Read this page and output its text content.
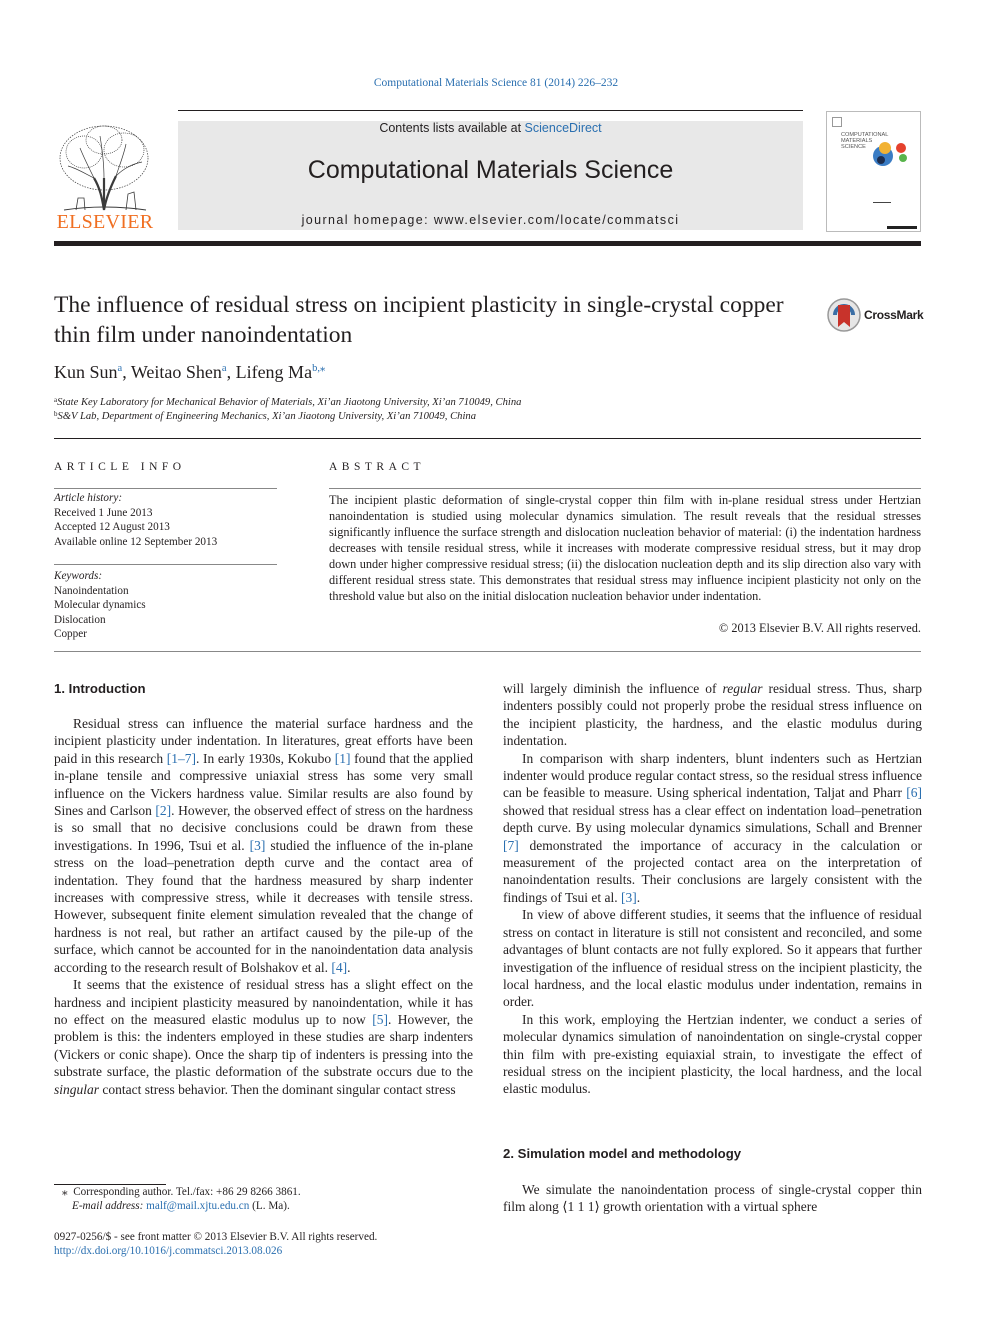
Computational Materials Science 81 (2014) 226–232
ELSEVIER
Contents lists available at ScienceDirect
Computational Materials Science
journal homepage: www.elsevier.com/locate/commatsci
COMPUTATIONAL MATERIALS SCIENCE
The influence of residual stress on incipient plasticity in single-crystal copper thin film under nanoindentation
CrossMark
Kun Sun$^a$, Weitao Shen$^a$, Lifeng $Ma^{b,⁎}$
$^a$State Key Laboratory for Mechanical Behavior of Materials, Xi’an Jiaotong University, Xi’an 710049, China
$^b$S&V Lab, Department of Engineering Mechanics, Xi’an Jiaotong University, Xi’an 710049, China
ARTICLE INFO	ABSTRACT
Article history:
Received 1 June 2013
Accepted 12 August 2013
Available online 12 September 2013
Keywords:
Nanoindentation
Molecular dynamics
Dislocation
Copper
The incipient plastic deformation of single-crystal copper thin film with in-plane residual stress under Hertzian nanoindentation is studied using molecular dynamics simulation. The result reveals that the residual stresses significantly influence the surface strength and dislocation nucleation behavior of material: (i) the indentation hardness decreases with tensile residual stress, while it increases with moderate compressive residual stress, but it may drop down under higher compressive residual stress; (ii) the dislocation nucleation depth and its slip direction also vary with different residual stress state. This demonstrates that residual stress may influence incipient plasticity not only on the threshold value but also on the initial dislocation nucleation behavior under indentation.
© 2013 Elsevier B.V. All rights reserved.
1. Introduction

Residual stress can influence the material surface hardness and the incipient plasticity under indentation. In literatures, great efforts have been paid in this research [1–7]. In early 1930s, Kokubo [1] found that the applied in-plane tensile and compressive uniaxial stress has some very small influence on the Vickers hardness value. Similar results are also found by Sines and Carlson [2]. However, the observed effect of stress on the hardness is so small that no decisive conclusions could be drawn from these investigations. In 1996, Tsui et al. [3] studied the influence of the in-plane stress on the load–penetration depth curve and the contact area of indentation. They found that the hardness measured by sharp indenter increases with compressive stress, while it decreases with tensile stress. However, subsequent finite element simulation revealed that the change of hardness is not real, but rather an artifact caused by the pile-up of the surface, which cannot be accounted for in the nanoindentation data analysis according to the research result of Bolshakov et al. [4].

It seems that the existence of residual stress has a slight effect on the hardness and incipient plasticity measured by nanoindentation, while it has no effect on the measured elastic modulus up to now [5]. However, the problem is this: the indenters employed in these studies are sharp indenters (Vickers or conic shape). Once the sharp tip of indenters is pressing into the substrate surface, the plastic deformation of the substrate occurs due to the singular contact stress behavior. Then the dominant singular contact stress

will largely diminish the influence of regular residual stress. Thus, sharp indenters possibly could not properly probe the residual stress influence on the incipient plasticity, the hardness, and the elastic modulus during indentation.

In comparison with sharp indenters, blunt indenters such as Hertzian indenter would produce regular contact stress, so the residual stress influence can be feasible to measure. Using spherical indentation, Taljat and Pharr [6] showed that residual stress has a clear effect on indentation load–penetration depth curve. By using molecular dynamics simulations, Schall and Brenner [7] demonstrated the importance of accuracy in the calculation or measurement of the projected contact area on the interpretation of nanoindentation results. Their conclusions are largely consistent with the findings of Tsui et al. [3].

In view of above different studies, it seems that the influence of residual stress on contact in literature is still not consistent and reconciled, and some advantages of blunt contacts are not fully explored. So it appears that further investigation of the influence of residual stress on the incipient plasticity, the local hardness, and the local elastic modulus under indentation, remains in order.

In this work, employing the Hertzian indenter, we conduct a series of molecular dynamics simulation of nanoindentation on single-crystal copper thin film with pre-existing equiaxial strain, to investigate the effect of residual stress on the incipient plasticity, the local hardness, and the local elastic modulus.

2. Simulation model and methodology

We simulate the nanoindentation process of single-crystal copper thin film along ⟨1 1 1⟩ growth orientation with a virtual sphere

⁎ Corresponding author. Tel./fax: +86 29 8266 3861.
E-mail address: malf@mail.xjtu.edu.cn (L. Ma).
0927-0256/$ - see front matter © 2013 Elsevier B.V. All rights reserved.
http://dx.doi.org/10.1016/j.commatsci.2013.08.026
